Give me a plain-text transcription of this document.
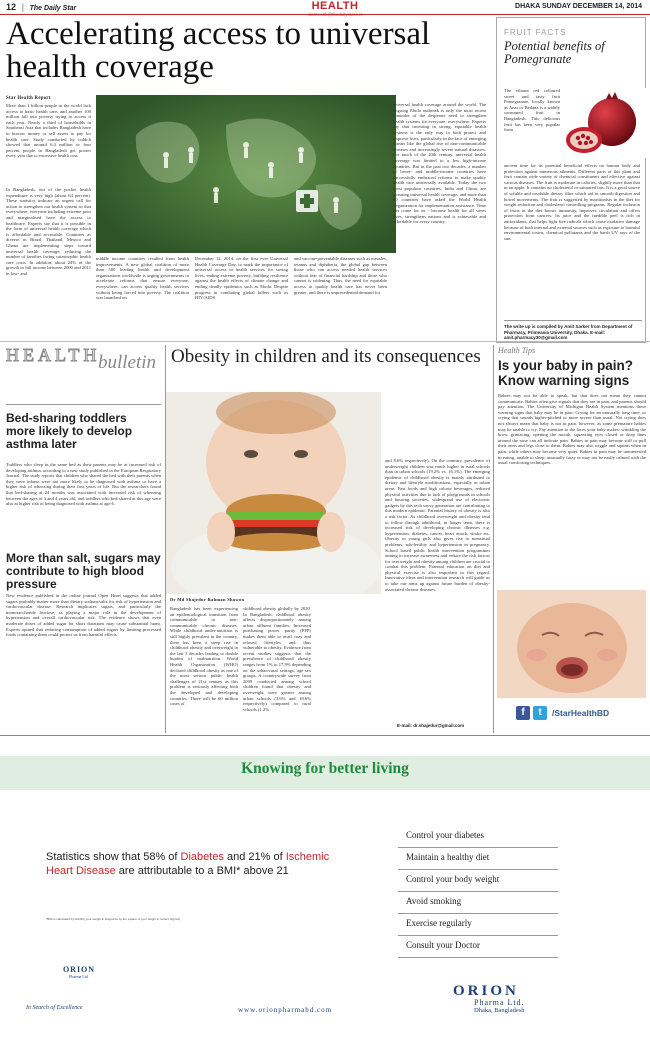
12 | The Daily Star	HEALTH	DHAKA SUNDAY DECEMBER 14, 2014
Accelerating access to universal health coverage
Star Health Report
More than 1 billion people in the world lack access to basic health care, and another 100 million fall into poverty trying to access it each year. Nearly a third of households in Southeast Asia that includes Bangladesh have to borrow money or sell assets to pay for health care. Study conducted by icddr,b showed that around 6.4 million or four percent people in Bangladesh get poorer every year due to excessive health cost.
In Bangladesh, out of the pocket health expenditure is very high (about 64 percent). These statistics indicate an urgent call for action to strengthen our health system so that everywhere, everyone including extreme poor and marginalised have the access to healthcare. Experts say that it is possible in the form of universal health coverage which is affordable and accessible. Countries as diverse as Brazil, Thailand, Mexico and Ghana are implementing steps toward universal health coverage, reducing the number of families facing catastrophic health care costs. In addition, about 24% of the growth in full income between 2000 and 2011 in low- and
middle income countries resulted from health improvements. A new global coalition of more than 500 leading health and development organisations worldwide is urging governments to accelerate reforms that ensure everyone, everywhere, can access quality health services without being forced into poverty. The coalition was launched on
December 12, 2014, on the first ever Universal Health Coverage Day, to mark the importance of universal access to health services for saving lives, ending extreme poverty, building resilience against the health effects of climate change and ending deadly epidemics such as Ebola. Despite progress in combating global killers such as HIV/AIDS
and vaccine-preventable diseases such as measles, tetanus and diphtheria, the global gap between those who can access needed health services without fear of financial hardship and those who cannot is widening. Thus, the need for equitable access to quality health care has never been greater, and there is unprecedented demand for
universal health coverage around the world. The ongoing Ebola outbreak is only the most recent reminder of the desperate need to strengthen health systems for everyone, everywhere. Experts say that investing in strong, equitable health systems is the only way to both protect and improve lives, particularly in the face of emerging threats like the global rise of non-communicable diseases and increasingly severe natural disasters. For much of the 20th century, universal health coverage was limited to a few high-income countries. But in the past two decades, a number of lower- and middle-income countries have successfully embraced reforms to make quality health care universally available. Today the two most populous countries, India and China, are pursuing universal health coverage, and more than 60 countries have asked the World Health Organization for implementation assistance. Time has come for us - because health for all saves lives, strengthens nations and is achievable and affordable for every country.
FRUIT FACTS
Potential benefits of Pomegranate
The vibrant red coloured sweet and tasty fruit Pomegranate, locally known as Anar or Bedana is a widely consumed fruit in Bangladesh. This delicious fruit has been very popular from
ancient time for its potential beneficial effects on human body and protection against numerous ailments. Different parts of this plant and fruit contain wide variety of chemical constituents and effective against various diseases. The fruit is moderate in calories, slightly more than that in an apple. It contains no cholesterol or saturated fats. It is a good source of soluble and insoluble dietary fibre which aid in smooth digestion and bowel movements. The fruit is suggested by nutritionists in the diet for weight reduction and cholesterol controlling programs. Regular inclusion of fruits in the diet boosts immunity, improves circulation and offers protection from cancers. Its juice and the inedible peel is rich in antioxidants, that helps fight free radicals which cause oxidative damage because of both internal and external sources such as exposure to harmful environmental toxins, chemical pollutants and the harsh UV rays of the sun.
The write up is compiled by Amit Sarker from Department of Pharmacy, Primeasia University, Dhaka. E-mail: amit.pharmacy30@gmail.com
HEALTH
bulletin
Bed-sharing toddlers more likely to develop asthma later
Toddlers who sleep in the same bed as their parents may be at increased risk of developing asthma, according to a new study published in the European Respiratory Journal. The study reports that children who shared the bed with their parents when they were infants were not more likely to be diagnosed with asthma or have a higher risk of wheezing during their first years of life. But the researchers found that bed-sharing at 24 months was associated with increased risk of wheezing between the ages of 3 and 4 years old, and toddlers who bed-shared at this age were also at higher risk of being diagnosed with asthma at age 6.
More than salt, sugars may contribute to high blood pressure
New evidence published in the online journal Open Heart suggests that added sugars probably matter more than dietary sodium/salts for risk of hypertension and cardiovascular disease. Research implicates sugars, and particularly the monosaccharide fructose, as playing a major role in the development of hypertension and overall cardiovascular risk. The evidence shows that even moderate doses of added sugar for short durations may cause substantial harm. Experts opined that reducing consumption of added sugars by limiting processed foods containing them could protect us from harmful effects.
Obesity in children and its consequences
Dr Md Shajedur Rahman Shawon
Bangladesh has been experiencing an epidemiological transition from communicable to non-communicable chronic diseases. While childhood under-nutrition is still highly prevalent in the country, there has been a steep rise in childhood obesity and overweight in the last 3 decades leading to double burden of malnutrition. World Health Organization (WHO) declared childhood obesity as one of the most serious public health challenges of 21st century as this problem is seriously affecting both the developed and developing countries. There will be 60 million cases of
childhood obesity globally by 2020. In Bangladesh, childhood obesity affects disproportionately among urban affluent families. Increased purchasing power parity (PPP) makes them able to avail cozy and relaxed lifestyles and thus vulnerable to obesity. Evidence from recent studies suggests that the prevalence of childhood obesity ranges from 1% to 17.9% depending on the urban-rural settings, age-sex groups. A countrywide survey from 2009 conducted among school children found that obesity and overweight were greater among urban schools (3.6% and 18.6% respectively) compared to rural schools (1.2%
and 8.6% respectively). On the contrary, prevalence of underweight children was much higher in rural schools than in urban schools (19.2% vs. 16.1%). The emerging epidemic of childhood obesity is mainly attributed to dietary and lifestyle modifications, especially in urban areas. Fast foods and high calorie beverages, reduced physical activities due to lack of playgrounds in schools and housing societies, widespread use of electronic gadgets by this tech savvy generation are contributing to this modern epidemic. Parental history of obesity is also a risk factor. As childhood overweight and obesity tend to follow through adulthood, in longer term, there is increased risk of developing chronic illnesses e.g. hypertension, diabetes, cancer, heart attack, stroke etc. Obesity in young girls also gives rise to menstrual problems, sub-fertility and hypertension in pregnancy. School based public health intervention programmes aiming to increase awareness and reduce the risk factors for overweight and obesity among children are crucial to combat this problem. Parental education on diet and physical exercise is also important in this regard. Innovative ideas and intervention research will guide us to take our arms up against future burden of obesity-associated chronic diseases.
E-mail: dr.shajedur@gmail.com
Health Tips
Is your baby in pain? Know warning signs
Babies may not be able to speak, but that does not mean they cannot communicate. Babies often give signals that they are in pain, and parents should pay attention. The University of Michigan Health System mentions these warning signs that baby may be in pain: Crying for an unusually long time, or crying that sounds higher-pitched or more severe than usual. Not crying does not always mean that baby is not in pain, however, as some premature babies may be unable to cry. Pay attention to the faces your baby makes: wrinkling the brow, grimacing, opening the mouth, squeezing eyes closed or deep lines around the nose can all indicate pain. Babies in pain may become stiff or pull their arms and legs close to them. Babies may also wiggle and squirm when in pain, while others may become very quiet. Babies in pain may be uninterested in eating, unable to sleep, unusually fussy or may not be easily calmed with the usual comforting techniques.
f	t	/StarHealthBD
Knowing for better living
Statistics show that 58% of Diabetes and 21% of Ischemic Heart Disease are attributable to a BMI* above 21
*BMI is calculated by dividing your weight in kilograms by the square of your height in meters (kg/m2)
Control your diabetes
Maintain a healthy diet
Control your body weight
Avoid smoking
Exercise regularly
Consult your Doctor
ORION
Pharma Ltd.
In Search of Excellence	www.orionpharmabd.com
ORION
Pharma Ltd.
Dhaka, Bangladesh
